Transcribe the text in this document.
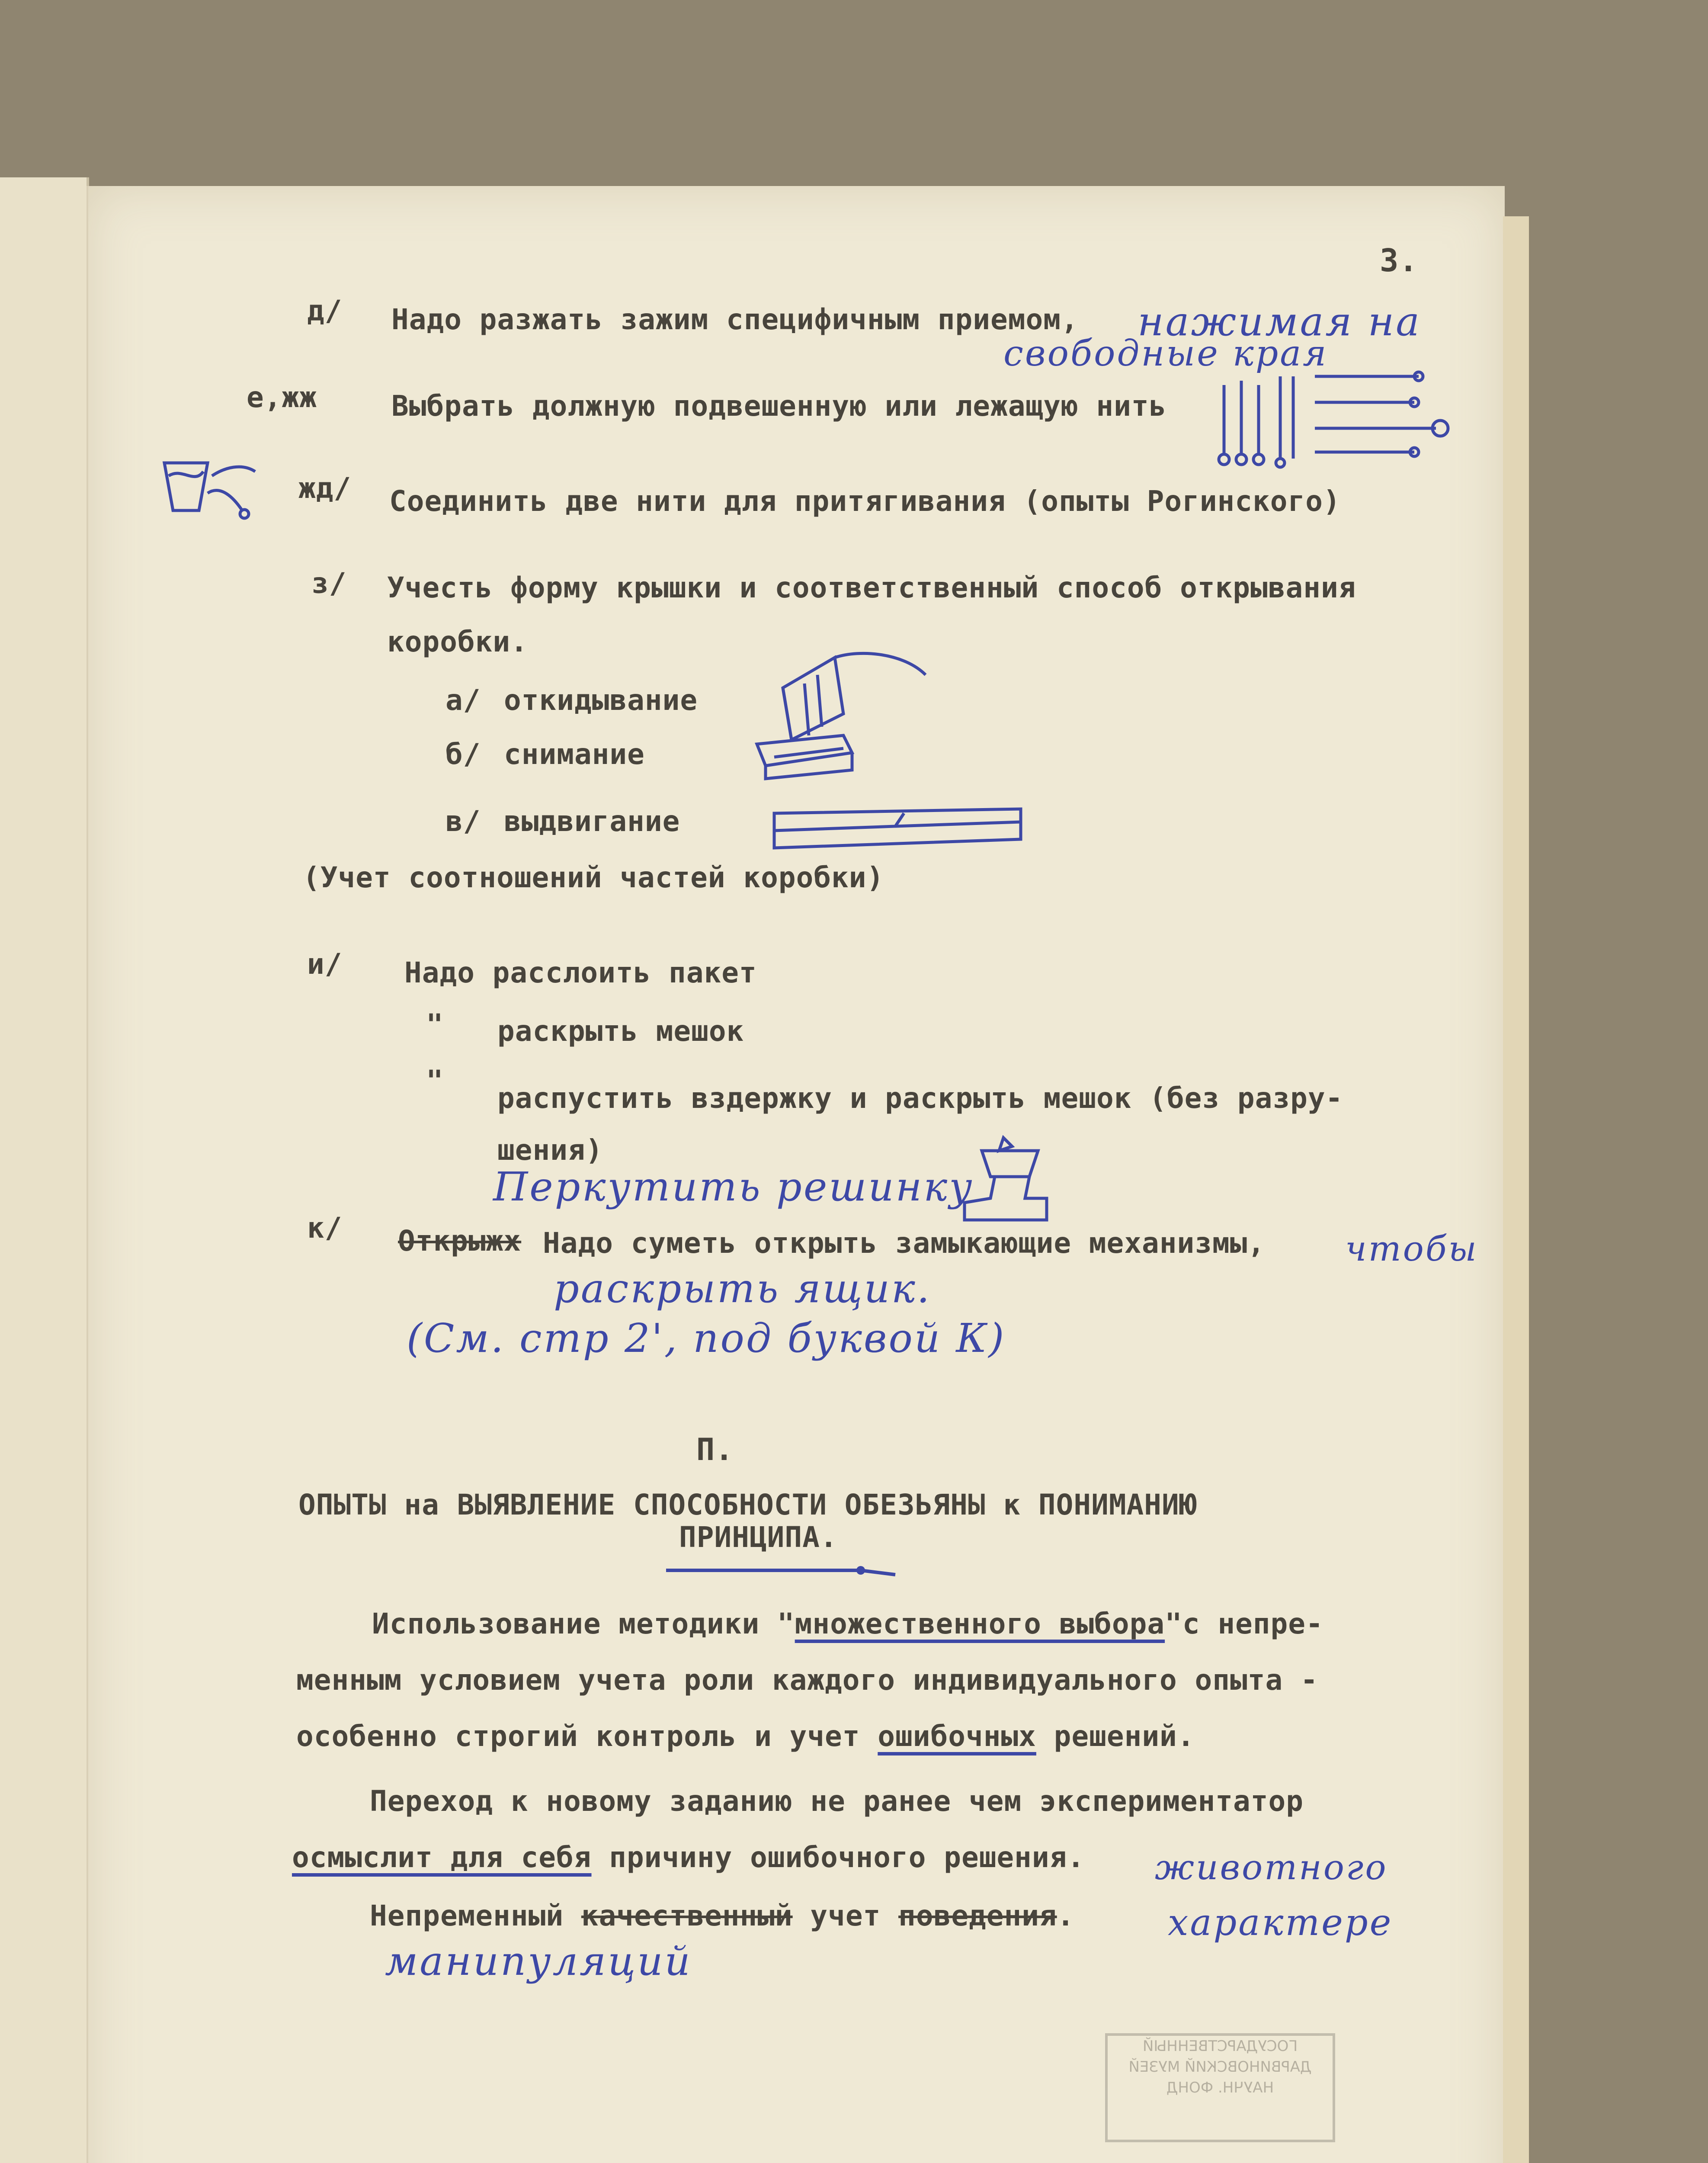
3.
д/ Надо разжать зажим специфичным приемом, нажимая на
свободные края
е,жж	Выбрать должную подвешенную или лежащую нить
жд/ Соединить две нити для притягивания (опыты Рогинского)
з/ Учесть форму крышки и соответственный способ открывания
коробки.
а/ откидывание
б/ снимание
в/ выдвигание
(Учет соотношений частей коробки)
и/ Надо расслоить пакет
" раскрыть мешок
"
распустить вздержку и раскрыть мешок (без разру-
шения)
Перкутить решинку
к/ Открыжх Надо суметь открыть замыкающие механизмы, чтобы
раскрыть ящик.
(См. стр 2', под буквой К)
П.
ОПЫТЫ на ВЫЯВЛЕНИЕ СПОСОБНОСТИ ОБЕЗЬЯНЫ к ПОНИМАНИЮ
ПРИНЦИПА.
Использование методики "множественного выбора"с непре-
менным условием учета роли каждого индивидуального опыта -
особенно строгий контроль и учет ошибочных решений.
Переход к новому заданию не ранее чем экспериментатор
осмыслит для себя причину ошибочного решения. животного
Непременный качественный учет поведения.	характере
манипуляций
ГОСУДАРСТВЕННЫЙ
ДАРВИНОВСКИЙ МУЗЕЙ
НАУЧН. ФОНД
